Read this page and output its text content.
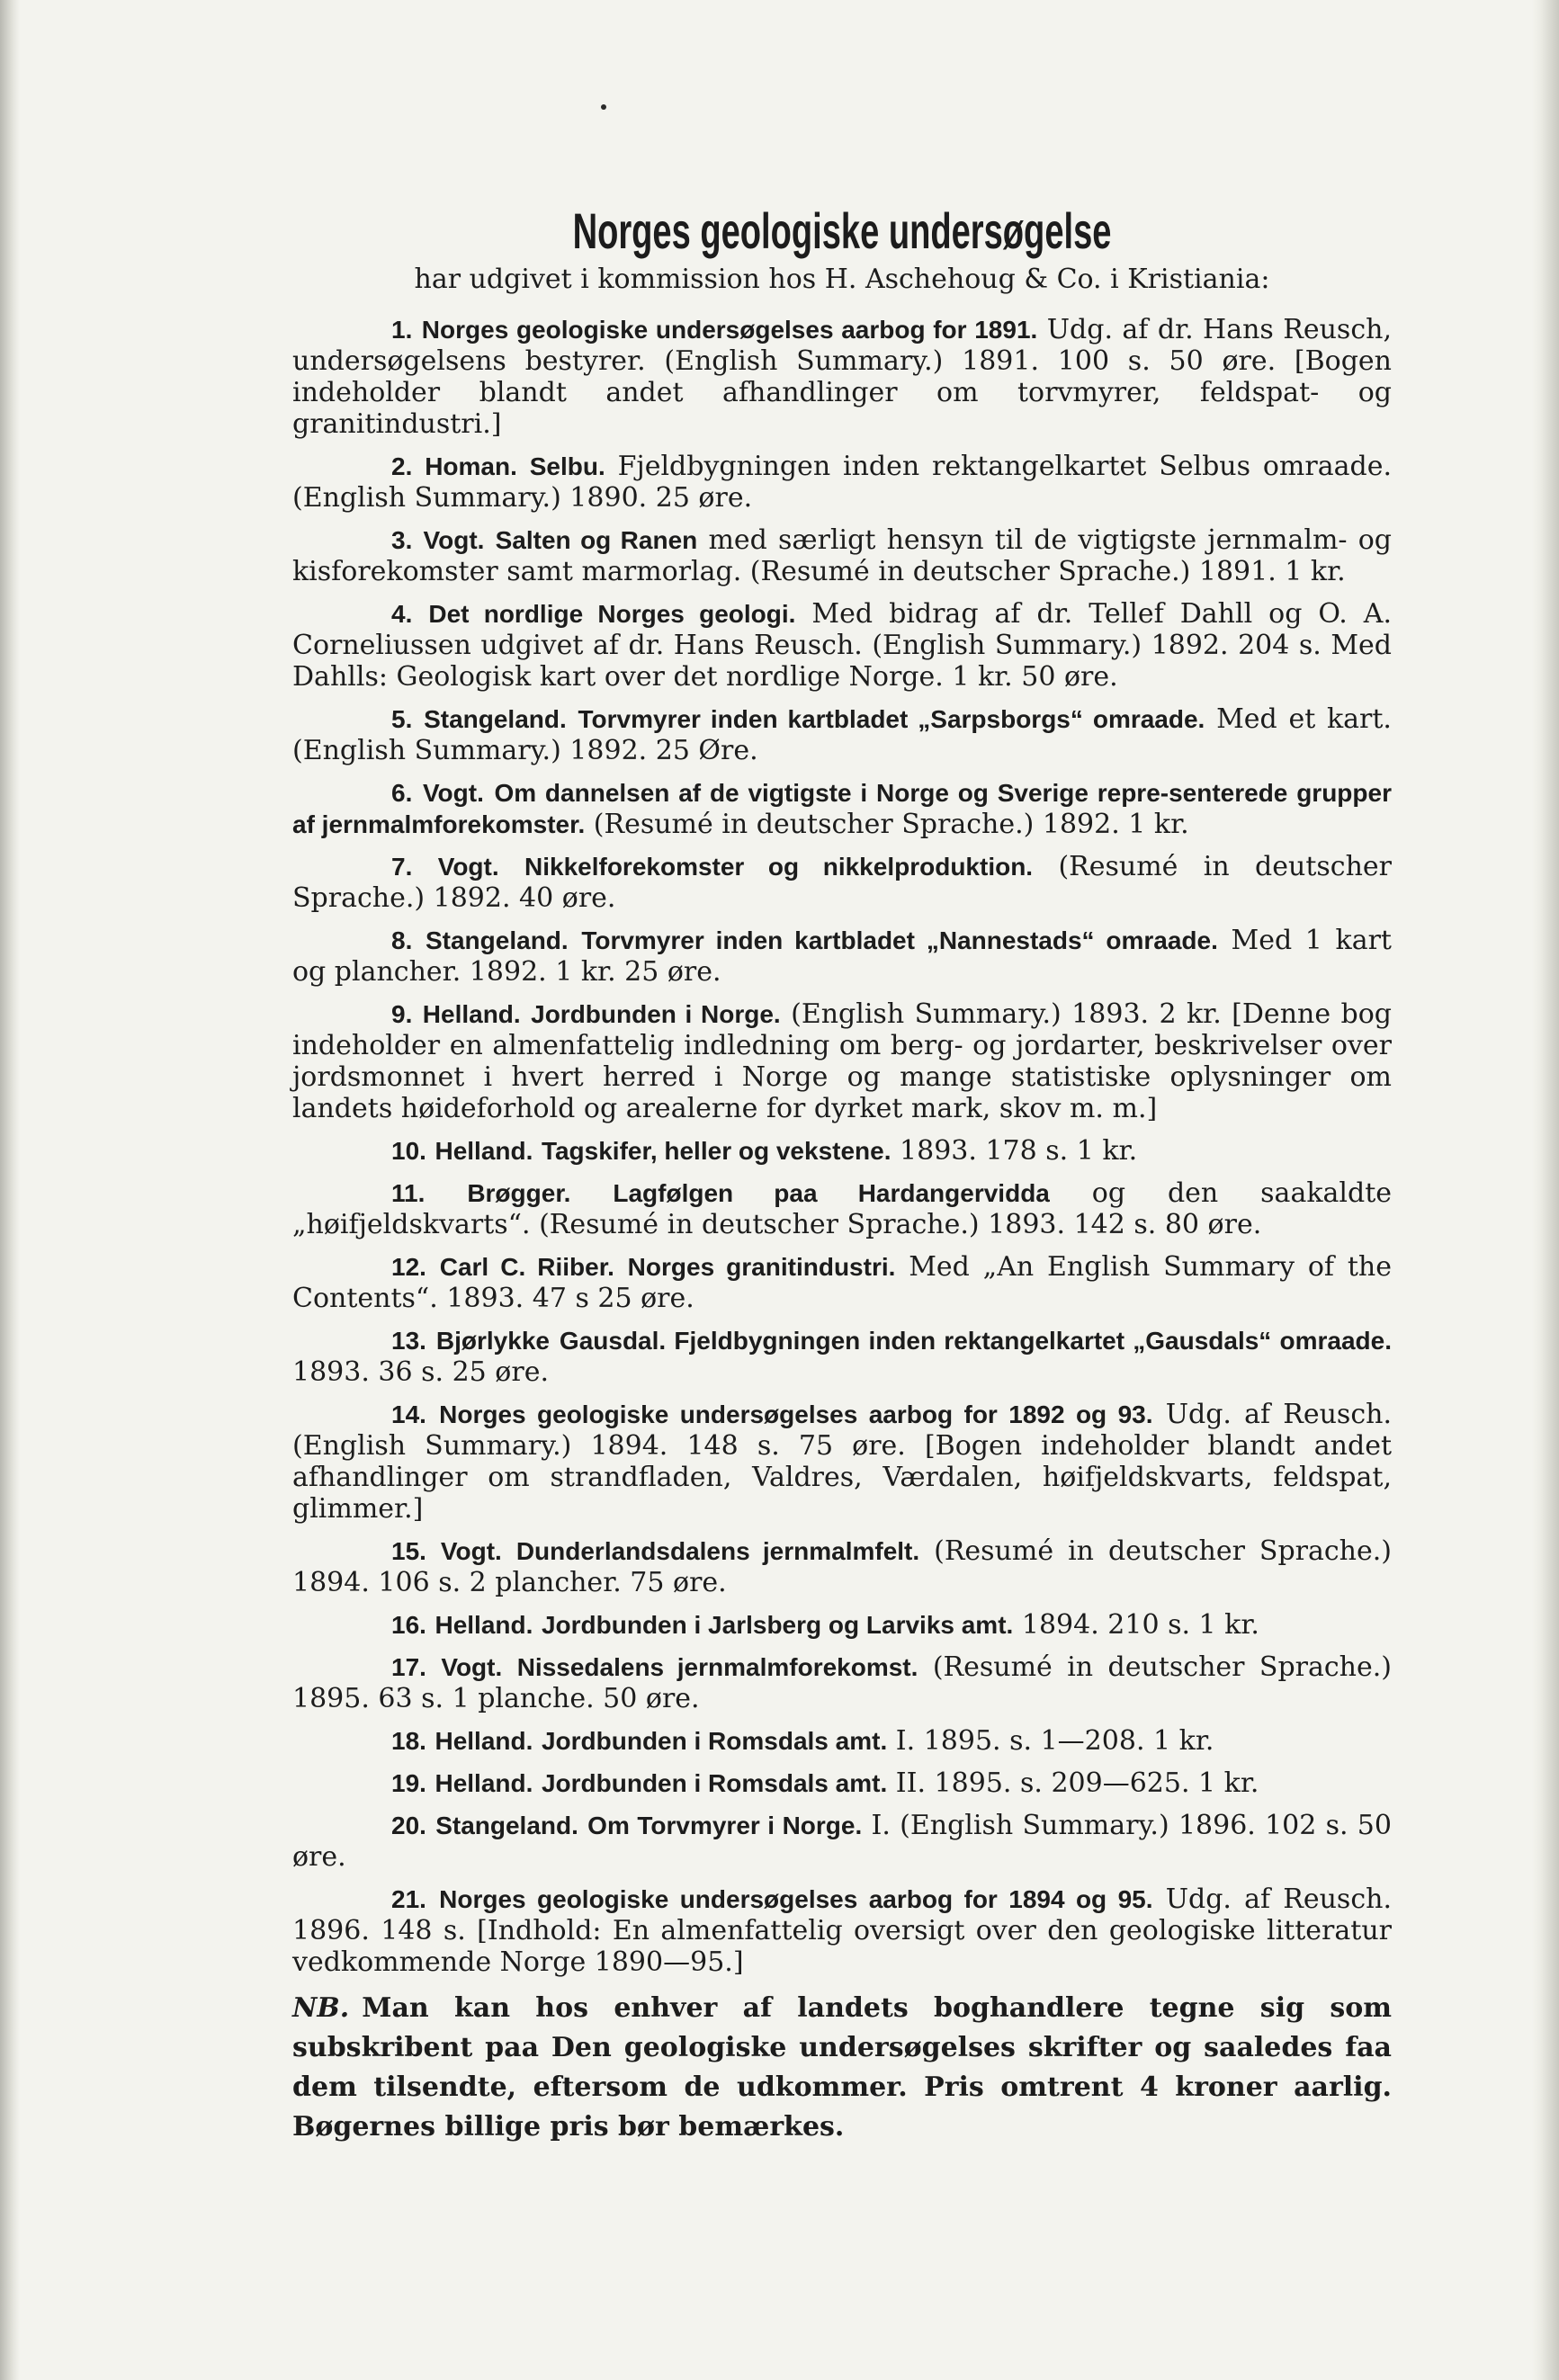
Norges geologiske undersøgelse
har udgivet i kommission hos H. Aschehoug & Co. i Kristiania:

1. Norges geologiske undersøgelses aarbog for 1891. Udg. af dr. Hans Reusch, undersøgelsens bestyrer. (English Summary.) 1891. 100 s. 50 øre. [Bogen indeholder blandt andet afhandlinger om torvmyrer, feldspat- og granitindustri.]

2. Homan. Selbu. Fjeldbygningen inden rektangelkartet Selbus omraade. (English Summary.) 1890. 25 øre.

3. Vogt. Salten og Ranen med særligt hensyn til de vigtigste jernmalm- og kisforekomster samt marmorlag. (Resumé in deutscher Sprache.) 1891. 1 kr.

4. Det nordlige Norges geologi. Med bidrag af dr. Tellef Dahll og O. A. Corneliussen udgivet af dr. Hans Reusch. (English Summary.) 1892. 204 s. Med Dahlls: Geologisk kart over det nordlige Norge. 1 kr. 50 øre.

5. Stangeland. Torvmyrer inden kartbladet „Sarpsborgs“ omraade. Med et kart. (English Summary.) 1892. 25 Øre.

6. Vogt. Om dannelsen af de vigtigste i Norge og Sverige repre-senterede grupper af jernmalmforekomster. (Resumé in deutscher Sprache.) 1892. 1 kr.

7. Vogt. Nikkelforekomster og nikkelproduktion. (Resumé in deutscher Sprache.) 1892. 40 øre.

8. Stangeland. Torvmyrer inden kartbladet „Nannestads“ omraade. Med 1 kart og plancher. 1892. 1 kr. 25 øre.

9. Helland. Jordbunden i Norge. (English Summary.) 1893. 2 kr. [Denne bog indeholder en almenfattelig indledning om berg- og jordarter, beskrivelser over jordsmonnet i hvert herred i Norge og mange statistiske oplysninger om landets høideforhold og arealerne for dyrket mark, skov m. m.]

10. Helland. Tagskifer, heller og vekstene. 1893. 178 s. 1 kr.

11. Brøgger. Lagfølgen paa Hardangervidda og den saakaldte „høifjeldskvarts“. (Resumé in deutscher Sprache.) 1893. 142 s. 80 øre.

12. Carl C. Riiber. Norges granitindustri. Med „An English Summary of the Contents“. 1893. 47 s 25 øre.

13. Bjørlykke Gausdal. Fjeldbygningen inden rektangelkartet „Gausdals“ omraade. 1893. 36 s. 25 øre.

14. Norges geologiske undersøgelses aarbog for 1892 og 93. Udg. af Reusch. (English Summary.) 1894. 148 s. 75 øre. [Bogen indeholder blandt andet afhandlinger om strandfladen, Valdres, Værdalen, høifjeldskvarts, feldspat, glimmer.]

15. Vogt. Dunderlandsdalens jernmalmfelt. (Resumé in deutscher Sprache.) 1894. 106 s. 2 plancher. 75 øre.

16. Helland. Jordbunden i Jarlsberg og Larviks amt. 1894. 210 s. 1 kr.

17. Vogt. Nissedalens jernmalmforekomst. (Resumé in deutscher Sprache.) 1895. 63 s. 1 planche. 50 øre.

18. Helland. Jordbunden i Romsdals amt. I. 1895. s. 1—208. 1 kr.

19. Helland. Jordbunden i Romsdals amt. II. 1895. s. 209—625. 1 kr.

20. Stangeland. Om Torvmyrer i Norge. I. (English Summary.) 1896. 102 s. 50 øre.

21. Norges geologiske undersøgelses aarbog for 1894 og 95. Udg. af Reusch. 1896. 148 s. [Indhold: En almenfattelig oversigt over den geologiske litteratur vedkommende Norge 1890—95.]

NB. Man kan hos enhver af landets boghandlere tegne sig som subskribent paa Den geologiske undersøgelses skrifter og saaledes faa dem tilsendte, eftersom de udkommer. Pris omtrent 4 kroner aarlig. Bøgernes billige pris bør bemærkes.
